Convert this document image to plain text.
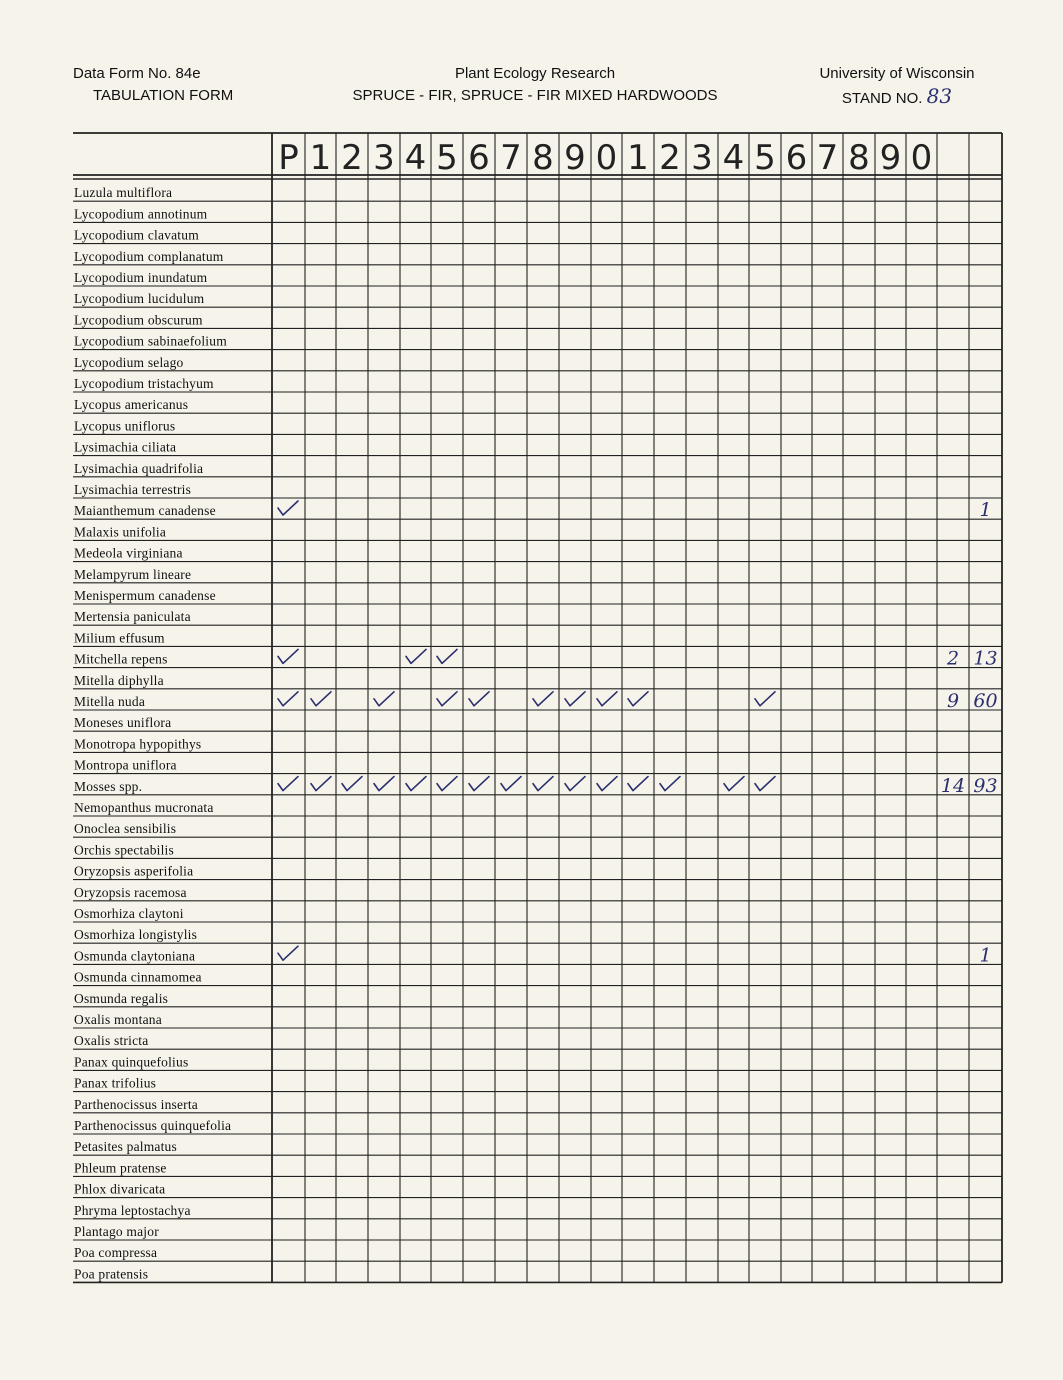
Data Form No. 84e
TABULATION FORM
Plant Ecology Research
SPRUCE - FIR, SPRUCE - FIR MIXED HARDWOODS
University of Wisconsin
STAND NO. 83
P 1 2 3 4 5 6 7 8 9 0 1 2 3 4 5 6 7 8 9 0
Luzula multiflora
Lycopodium annotinum
Lycopodium clavatum
Lycopodium complanatum
Lycopodium inundatum
Lycopodium lucidulum
Lycopodium obscurum
Lycopodium sabinaefolium
Lycopodium selago
Lycopodium tristachyum
Lycopus americanus
Lycopus uniflorus
Lysimachia ciliata
Lysimachia quadrifolia
Lysimachia terrestris
Maianthemum canadense
Malaxis unifolia
Medeola virginiana
Melampyrum lineare
Menispermum canadense
Mertensia paniculata
Milium effusum
Mitchella repens
Mitella diphylla
Mitella nuda
Moneses uniflora
Monotropa hypopithys
Montropa uniflora
Mosses spp.
Nemopanthus mucronata
Onoclea sensibilis
Orchis spectabilis
Oryzopsis asperifolia
Oryzopsis racemosa
Osmorhiza claytoni
Osmorhiza longistylis
Osmunda claytoniana
Osmunda cinnamomea
Osmunda regalis
Oxalis montana
Oxalis stricta
Panax quinquefolius
Panax trifolius
Parthenocissus inserta
Parthenocissus quinquefolia
Petasites palmatus
Phleum pratense
Phlox divaricata
Phryma leptostachya
Plantago major
Poa compressa
Poa pratensis
1
2 13
9 60
14 93
1
